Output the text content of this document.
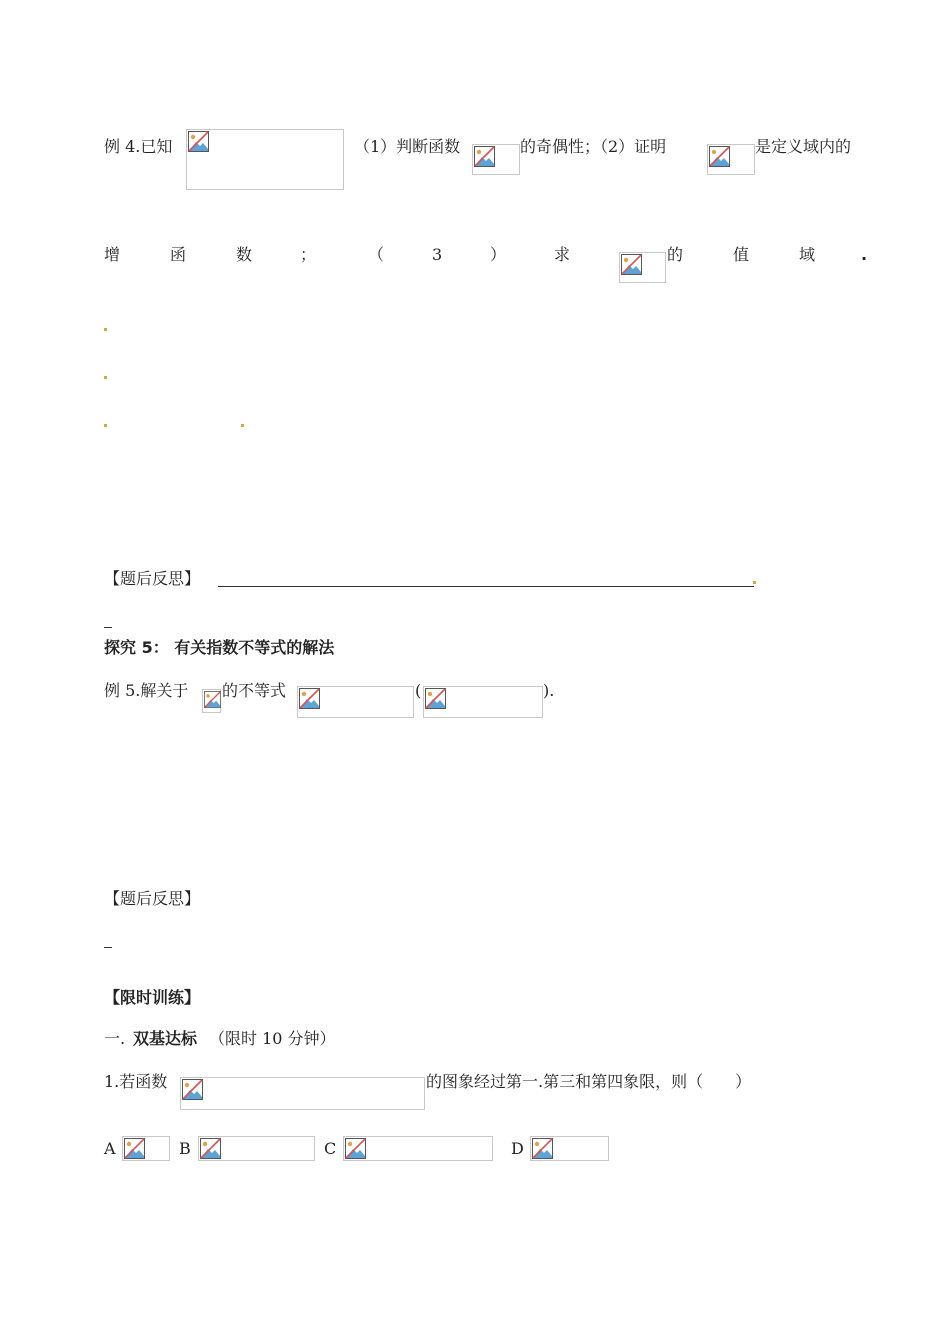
例 4.已知	（1）判断函数	的奇偶性；（2）证明	是定义域内的
增	函	数	；	（	3	）	求	的	值	域	.
【题后反思】
探究 5： 有关指数不等式的解法
例 5.解关于 的不等式	(	).
【题后反思】
【限时训练】
一. 双基达标 （限时 10 分钟）
1.若函数	的图象经过第一.第三和第四象限，则（　　）
A	B	C	D
